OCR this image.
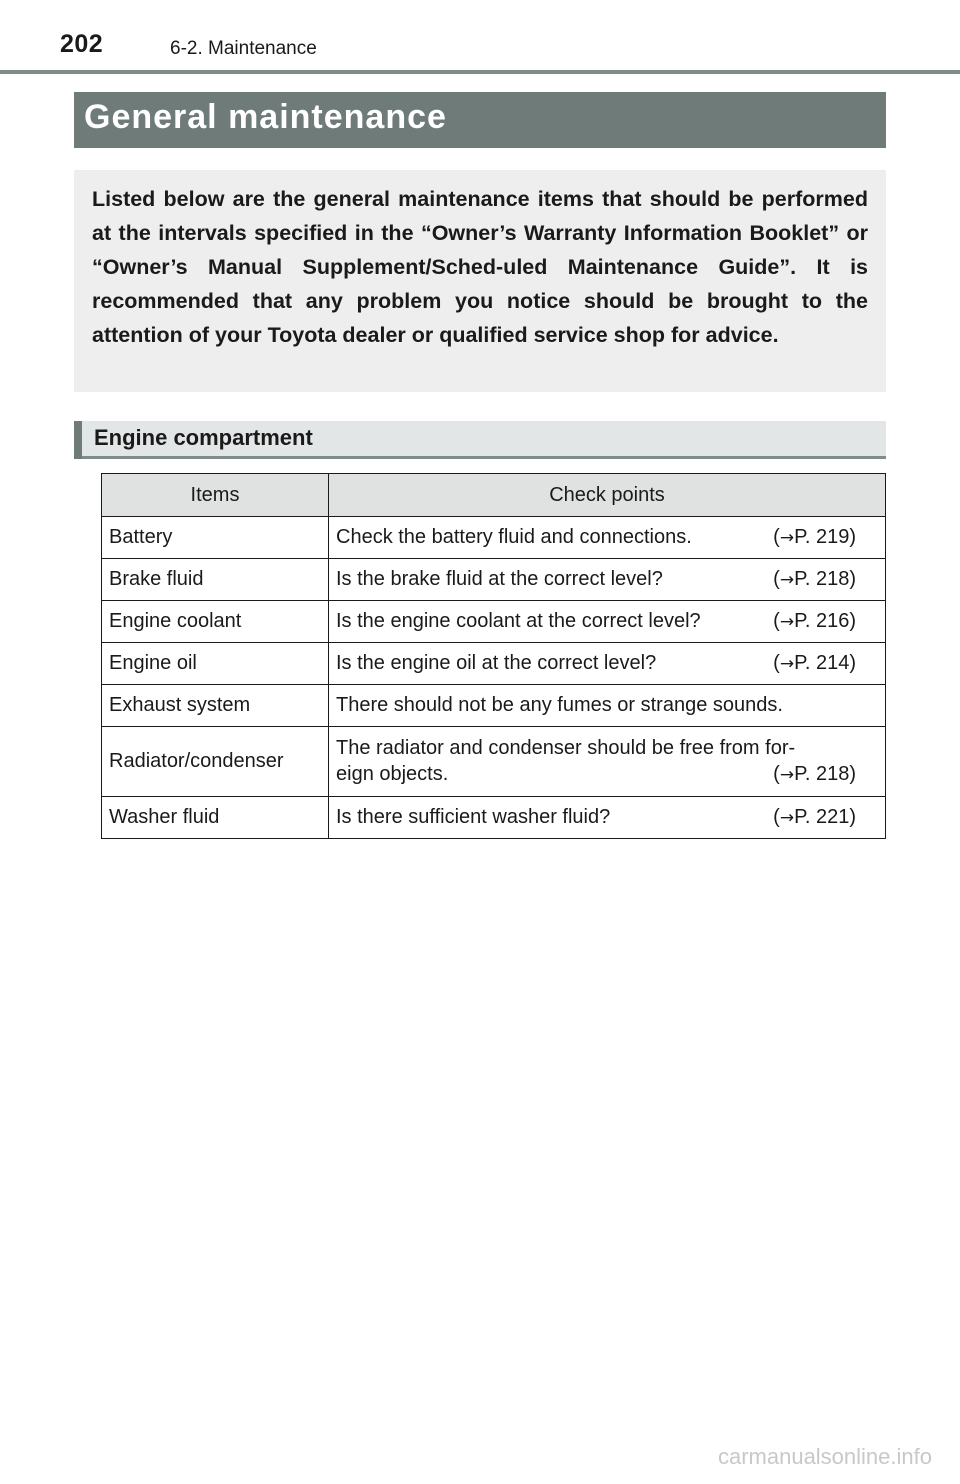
202	6-2. Maintenance
General maintenance

Listed below are the general maintenance items that should be performed at the intervals specified in the “Owner’s Warranty Information Booklet” or “Owner’s Manual Supplement/Sched-uled Maintenance Guide”. It is recommended that any problem you notice should be brought to the attention of your Toyota dealer or qualified service shop for advice.

Engine compartment
Items	Check points
Battery	Check the battery fluid and connections. (→P. 219)

Brake fluid	Is the brake fluid at the correct level? (→P. 218)

Engine coolant	Is the engine coolant at the correct level? (→P. 216)

Engine oil	Is the engine oil at the correct level? (→P. 214)

Exhaust system	There should not be any fumes or strange sounds.
Radiator/condenser	The radiator and condenser should be free from for-
eign objects. (→P. 218)

Washer fluid	Is there sufficient washer fluid? (→P. 221)
carmanualsonline.info
